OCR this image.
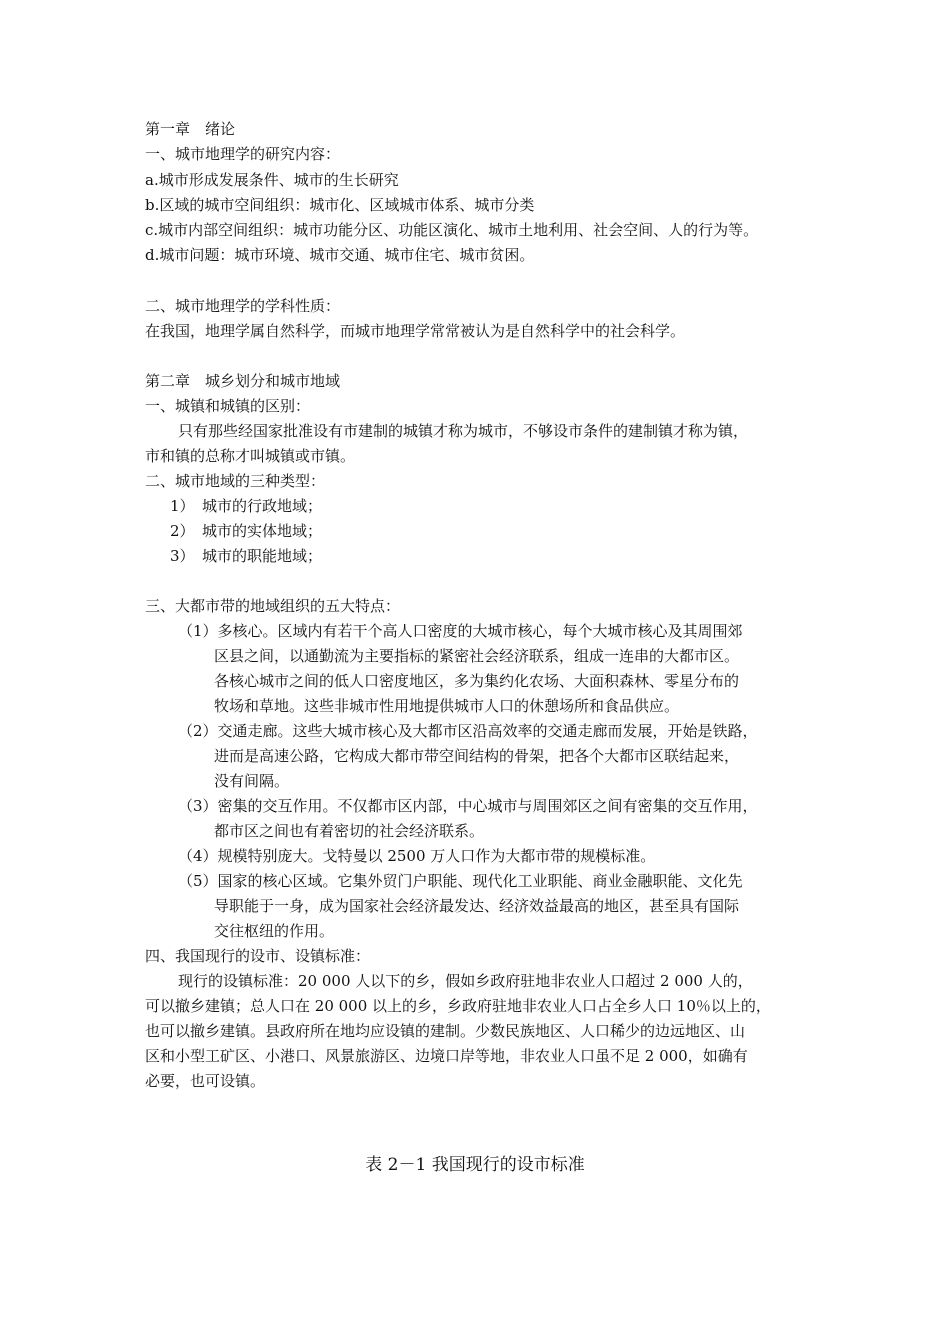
第一章　绪论
一、城市地理学的研究内容：
a.城市形成发展条件、城市的生长研究
b.区域的城市空间组织：城市化、区域城市体系、城市分类
c.城市内部空间组织：城市功能分区、功能区演化、城市土地利用、社会空间、人的行为等。
d.城市问题：城市环境、城市交通、城市住宅、城市贫困。
二、城市地理学的学科性质：
在我国，地理学属自然科学，而城市地理学常常被认为是自然科学中的社会科学。
第二章　城乡划分和城市地域
一、城镇和城镇的区别：
只有那些经国家批准设有市建制的城镇才称为城市，不够设市条件的建制镇才称为镇，
市和镇的总称才叫城镇或市镇。
二、城市地域的三种类型：
1）　城市的行政地域；
2）　城市的实体地域；
3）　城市的职能地域；
三、大都市带的地域组织的五大特点：
（1）多核心。区域内有若干个高人口密度的大城市核心，每个大城市核心及其周围郊
区县之间，以通勤流为主要指标的紧密社会经济联系，组成一连串的大都市区。
各核心城市之间的低人口密度地区，多为集约化农场、大面积森林、零星分布的
牧场和草地。这些非城市性用地提供城市人口的休憩场所和食品供应。
（2）交通走廊。这些大城市核心及大都市区沿高效率的交通走廊而发展，开始是铁路，
进而是高速公路，它构成大都市带空间结构的骨架，把各个大都市区联结起来，
没有间隔。
（3）密集的交互作用。不仅都市区内部，中心城市与周围郊区之间有密集的交互作用，
都市区之间也有着密切的社会经济联系。
（4）规模特别庞大。戈特曼以 2500 万人口作为大都市带的规模标准。
（5）国家的核心区域。它集外贸门户职能、现代化工业职能、商业金融职能、文化先
导职能于一身，成为国家社会经济最发达、经济效益最高的地区，甚至具有国际
交往枢纽的作用。
四、我国现行的设市、设镇标准：
现行的设镇标准：20 000 人以下的乡，假如乡政府驻地非农业人口超过 2 000 人的，
可以撤乡建镇；总人口在 20 000 以上的乡，乡政府驻地非农业人口占全乡人口 10％以上的，
也可以撤乡建镇。县政府所在地均应设镇的建制。少数民族地区、人口稀少的边远地区、山
区和小型工矿区、小港口、风景旅游区、边境口岸等地，非农业人口虽不足 2 000，如确有
必要，也可设镇。
表 2－1 我国现行的设市标准
